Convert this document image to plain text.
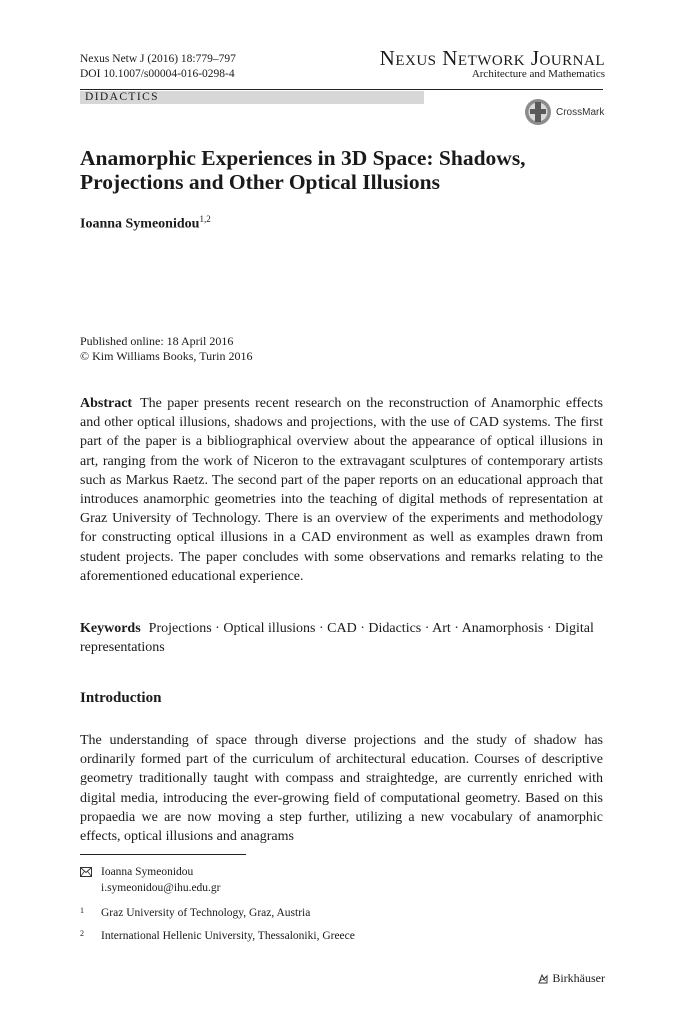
Nexus Netw J (2016) 18:779–797
DOI 10.1007/s00004-016-0298-4
Nexus Network Journal
Architecture and Mathematics
DIDACTICS
CrossMark
Anamorphic Experiences in 3D Space: Shadows,
Projections and Other Optical Illusions
Ioanna Symeonidou$^{1,2}$
Published online: 18 April 2016
© Kim Williams Books, Turin 2016

Abstract The paper presents recent research on the reconstruction of Anamorphic effects and other optical illusions, shadows and projections, with the use of CAD systems. The first part of the paper is a bibliographical overview about the appearance of optical illusions in art, ranging from the work of Niceron to the extravagant sculptures of contemporary artists such as Markus Raetz. The second part of the paper reports on an educational approach that introduces anamorphic geometries into the teaching of digital methods of representation at Graz University of Technology. There is an overview of the experiments and methodology for constructing optical illusions in a CAD environment as well as examples drawn from student projects. The paper concludes with some observations and remarks relating to the aforementioned educational experience.

Keywords Projections · Optical illusions · CAD · Didactics · Art · Anamorphosis · Digital representations

Introduction

The understanding of space through diverse projections and the study of shadow has ordinarily formed part of the curriculum of architectural education. Courses of descriptive geometry traditionally taught with compass and straightedge, are currently enriched with digital media, introducing the ever-growing field of computational geometry. Based on this propaedia we are now moving a step further, utilizing a new vocabulary of anamorphic effects, optical illusions and anagrams

Ioanna Symeonidou
i.symeonidou@ihu.edu.gr
1 Graz University of Technology, Graz, Austria
2 International Hellenic University, Thessaloniki, Greece
Birkhäuser
